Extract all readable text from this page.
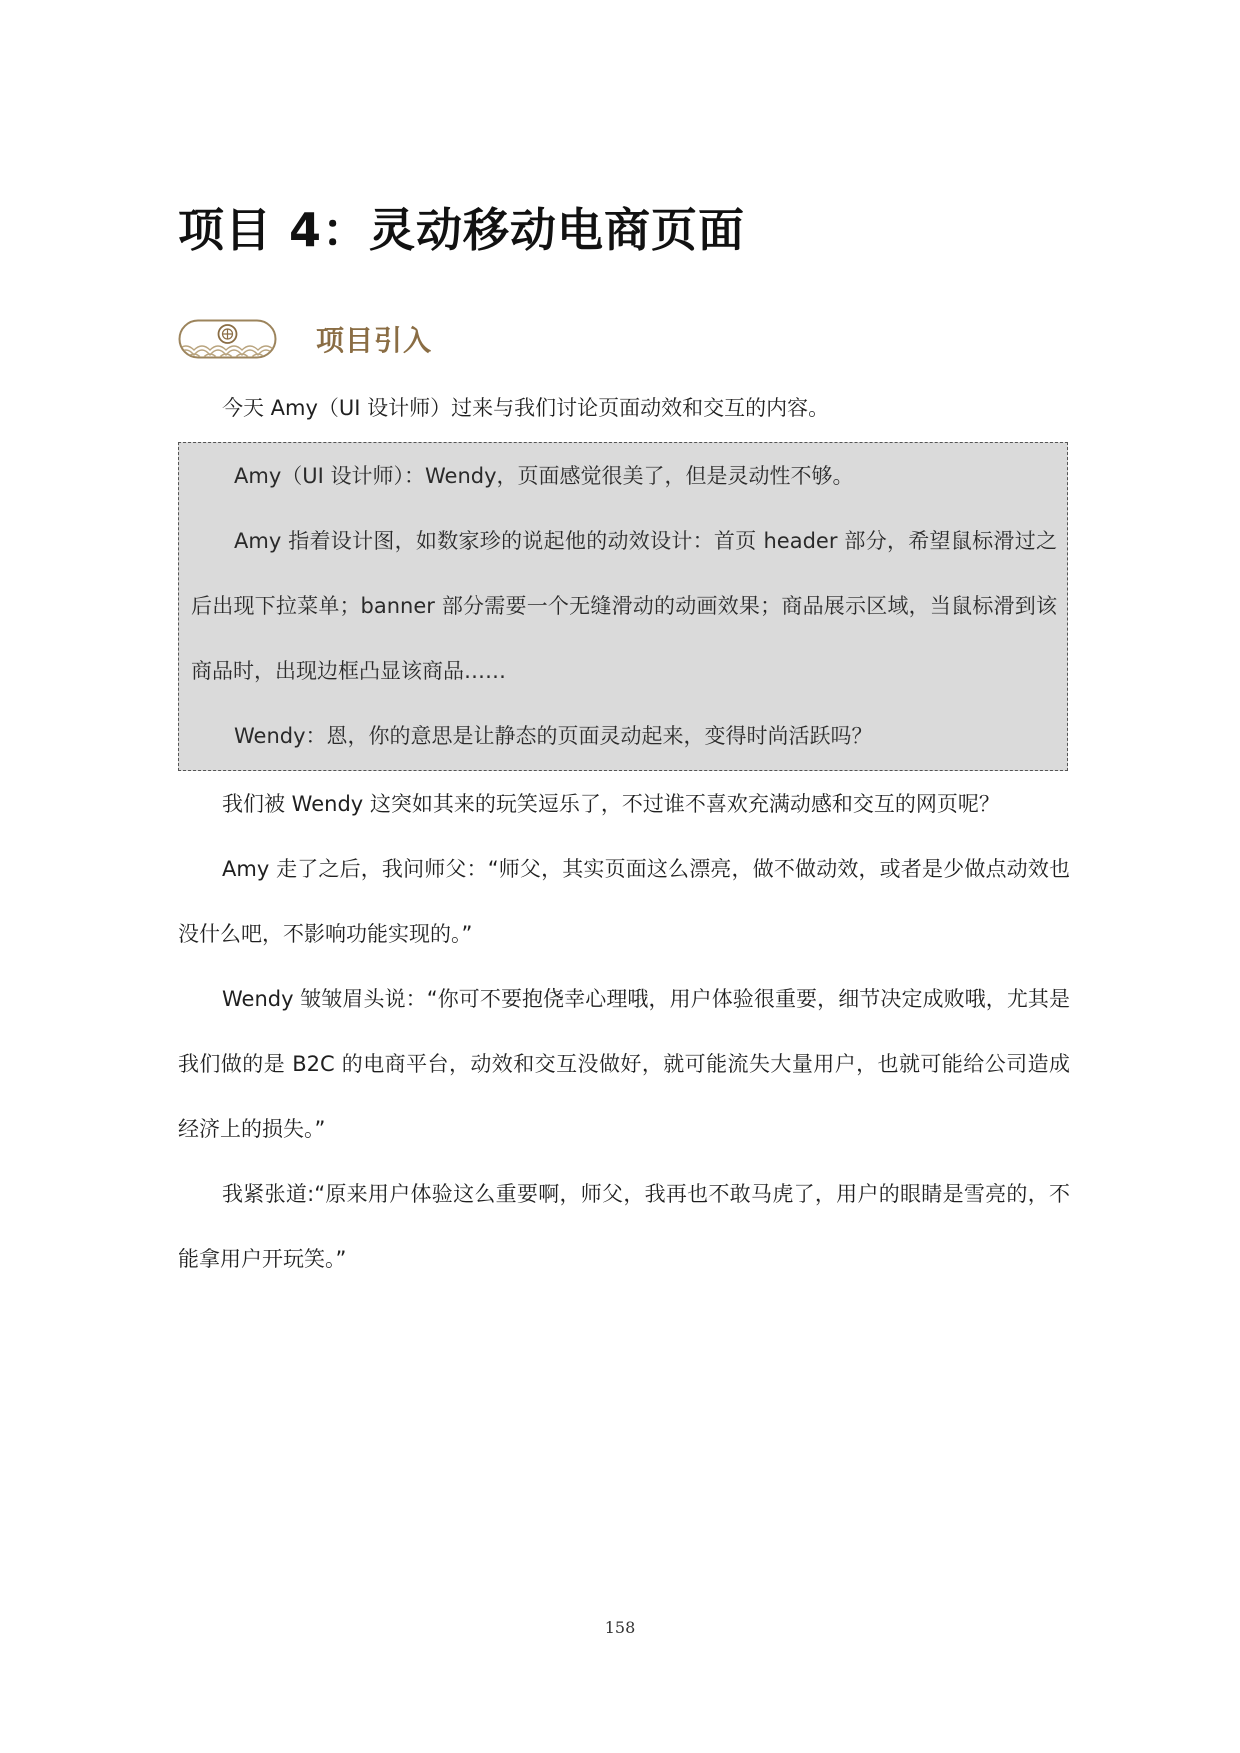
项目 4：灵动移动电商页面
项目引入

今天 Amy（UI 设计师）过来与我们讨论页面动效和交互的内容。

Amy（UI 设计师）：Wendy，页面感觉很美了，但是灵动性不够。

Amy 指着设计图，如数家珍的说起他的动效设计：首页 header 部分，希望鼠标滑过之后出现下拉菜单；banner 部分需要一个无缝滑动的动画效果；商品展示区域，当鼠标滑到该商品时，出现边框凸显该商品……

Wendy：恩，你的意思是让静态的页面灵动起来，变得时尚活跃吗？

我们被 Wendy 这突如其来的玩笑逗乐了，不过谁不喜欢充满动感和交互的网页呢？

Amy 走了之后，我问师父：“师父，其实页面这么漂亮，做不做动效，或者是少做点动效也没什么吧，不影响功能实现的。”

Wendy 皱皱眉头说：“你可不要抱侥幸心理哦，用户体验很重要，细节决定成败哦，尤其是我们做的是 B2C 的电商平台，动效和交互没做好，就可能流失大量用户，也就可能给公司造成经济上的损失。”

我紧张道:“原来用户体验这么重要啊，师父，我再也不敢马虎了，用户的眼睛是雪亮的，不能拿用户开玩笑。”

158
